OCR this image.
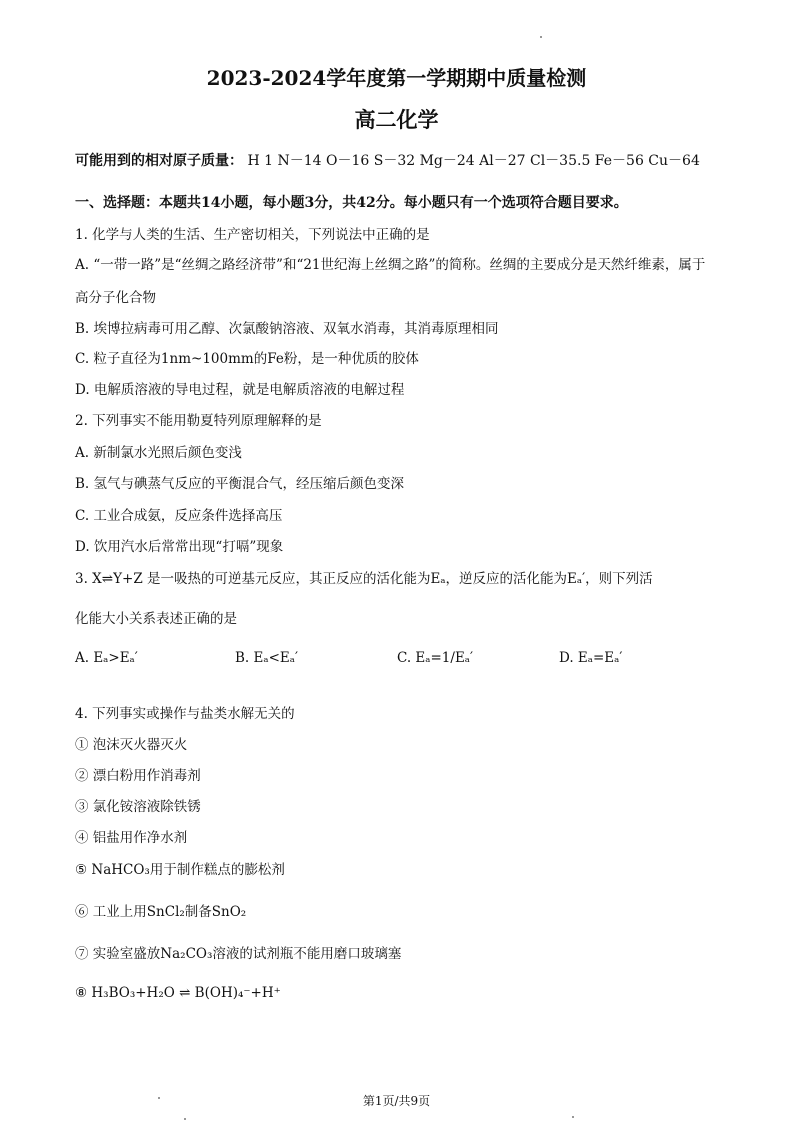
2023-2024学年度第一学期期中质量检测
高二化学
可能用到的相对原子质量： H 1 N－14 O－16 S－32 Mg－24 Al－27 Cl－35.5 Fe－56 Cu－64
一、选择题：本题共14小题，每小题3分，共42分。每小题只有一个选项符合题目要求。
1. 化学与人类的生活、生产密切相关，下列说法中正确的是
A. “一带一路”是“丝绸之路经济带”和“21世纪海上丝绸之路”的简称。丝绸的主要成分是天然纤维素，属于
高分子化合物
B. 埃博拉病毒可用乙醇、次氯酸钠溶液、双氧水消毒，其消毒原理相同
C. 粒子直径为1nm~100mm的Fe粉，是一种优质的胶体
D. 电解质溶液的导电过程，就是电解质溶液的电解过程
2. 下列事实不能用勒夏特列原理解释的是
A. 新制氯水光照后颜色变浅
B. 氢气与碘蒸气反应的平衡混合气，经压缩后颜色变深
C. 工业合成氨，反应条件选择高压
D. 饮用汽水后常常出现“打嗝”现象
3. X⇌Y+Z 是一吸热的可逆基元反应，其正反应的活化能为Eₐ，逆反应的活化能为Eₐ′，则下列活
化能大小关系表述正确的是
A. Eₐ>Eₐ′	B. Eₐ<Eₐ′	C. Eₐ=1/Eₐ′	D. Eₐ=Eₐ′
4. 下列事实或操作与盐类水解无关的
① 泡沫灭火器灭火
② 漂白粉用作消毒剂
③ 氯化铵溶液除铁锈
④ 铝盐用作净水剂
⑤ NaHCO₃用于制作糕点的膨松剂
⑥ 工业上用SnCl₂制备SnO₂
⑦ 实验室盛放Na₂CO₃溶液的试剂瓶不能用磨口玻璃塞
⑧ H₃BO₃+H₂O ⇌ B(OH)₄⁻+H⁺
第1页/共9页
